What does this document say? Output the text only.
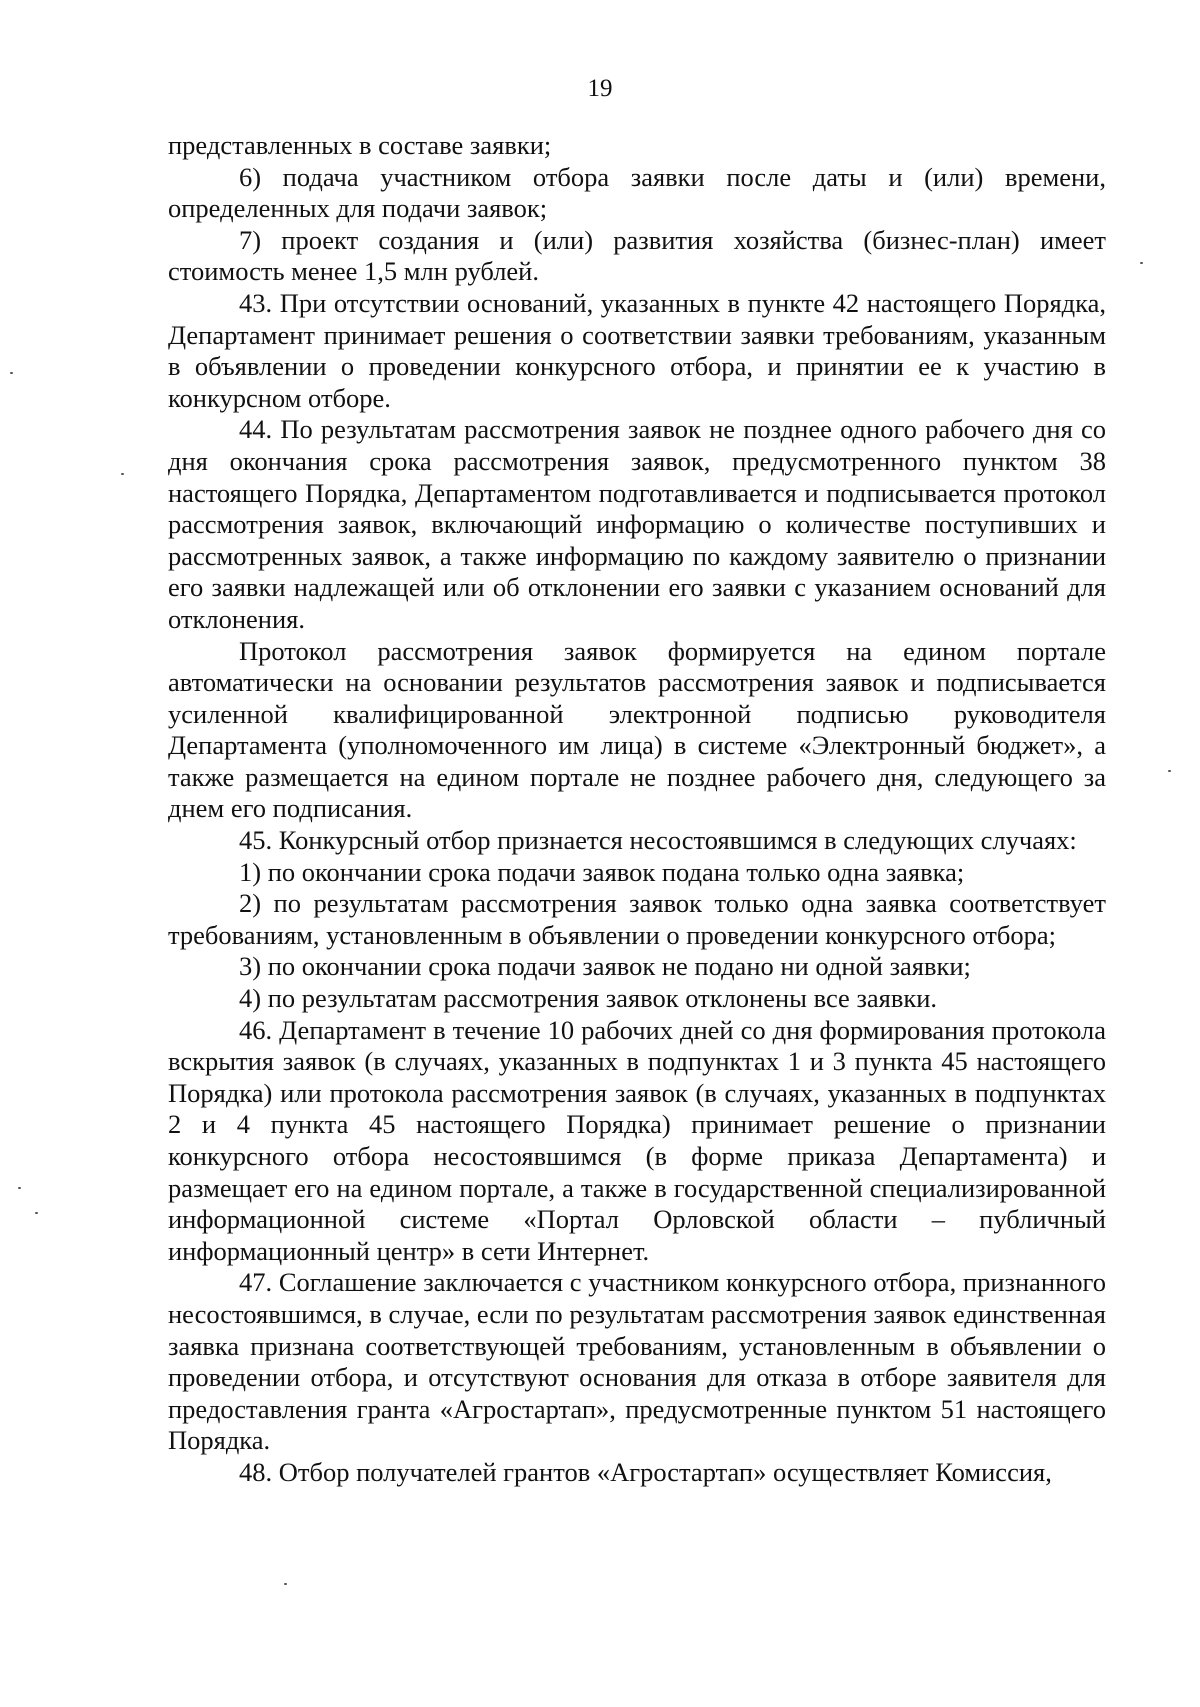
19

представленных в составе заявки;

6) подача участником отбора заявки после даты и (или) времени, определенных для подачи заявок;

7) проект создания и (или) развития хозяйства (бизнес-план) имеет стоимость менее 1,5 млн рублей.

43. При отсутствии оснований, указанных в пункте 42 настоящего Порядка, Департамент принимает решения о соответствии заявки требованиям, указанным в объявлении о проведении конкурсного отбора, и принятии ее к участию в конкурсном отборе.

44. По результатам рассмотрения заявок не позднее одного рабочего дня со дня окончания срока рассмотрения заявок, предусмотренного пунктом 38 настоящего Порядка, Департаментом подготавливается и подписывается протокол рассмотрения заявок, включающий информацию о количестве поступивших и рассмотренных заявок, а также информацию по каждому заявителю о признании его заявки надлежащей или об отклонении его заявки с указанием оснований для отклонения.

Протокол рассмотрения заявок формируется на едином портале автоматически на основании результатов рассмотрения заявок и подписывается усиленной квалифицированной электронной подписью руководителя Департамента (уполномоченного им лица) в системе «Электронный бюджет», а также размещается на едином портале не позднее рабочего дня, следующего за днем его подписания.

45. Конкурсный отбор признается несостоявшимся в следующих случаях:

1) по окончании срока подачи заявок подана только одна заявка;

2) по результатам рассмотрения заявок только одна заявка соответствует требованиям, установленным в объявлении о проведении конкурсного отбора;

3) по окончании срока подачи заявок не подано ни одной заявки;

4) по результатам рассмотрения заявок отклонены все заявки.

46. Департамент в течение 10 рабочих дней со дня формирования протокола вскрытия заявок (в случаях, указанных в подпунктах 1 и 3 пункта 45 настоящего Порядка) или протокола рассмотрения заявок (в случаях, указанных в подпунктах 2 и 4 пункта 45 настоящего Порядка) принимает решение о признании конкурсного отбора несостоявшимся (в форме приказа Департамента) и размещает его на едином портале, а также в государственной специализированной информационной системе «Портал Орловской области – публичный информационный центр» в сети Интернет.

47. Соглашение заключается с участником конкурсного отбора, признанного несостоявшимся, в случае, если по результатам рассмотрения заявок единственная заявка признана соответствующей требованиям, установленным в объявлении о проведении отбора, и отсутствуют основания для отказа в отборе заявителя для предоставления гранта «Агростартап», предусмотренные пунктом 51 настоящего Порядка.

48. Отбор получателей грантов «Агростартап» осуществляет Комиссия,
